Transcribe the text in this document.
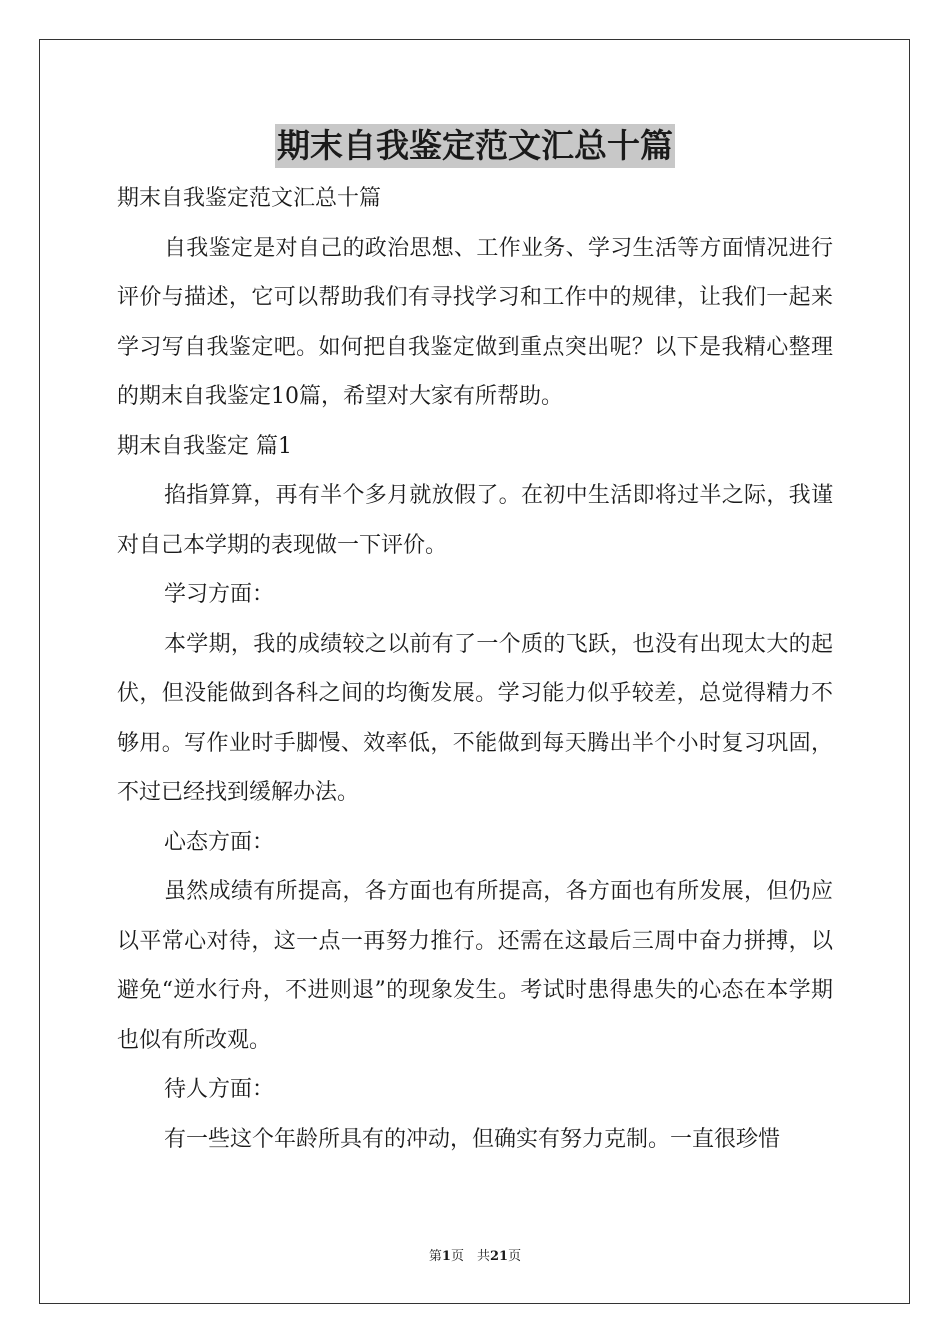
期末自我鉴定范文汇总十篇

期末自我鉴定范文汇总十篇

自我鉴定是对自己的政治思想、工作业务、学习生活等方面情况进行评价与描述，它可以帮助我们有寻找学习和工作中的规律，让我们一起来学习写自我鉴定吧。如何把自我鉴定做到重点突出呢？以下是我精心整理的期末自我鉴定10篇，希望对大家有所帮助。

期末自我鉴定 篇1

掐指算算，再有半个多月就放假了。在初中生活即将过半之际，我谨对自己本学期的表现做一下评价。

学习方面：

本学期，我的成绩较之以前有了一个质的飞跃，也没有出现太大的起伏，但没能做到各科之间的均衡发展。学习能力似乎较差，总觉得精力不够用。写作业时手脚慢、效率低，不能做到每天腾出半个小时复习巩固，不过已经找到缓解办法。

心态方面：

虽然成绩有所提高，各方面也有所提高，各方面也有所发展，但仍应以平常心对待，这一点一再努力推行。还需在这最后三周中奋力拼搏，以避免“逆水行舟，不进则退”的现象发生。考试时患得患失的心态在本学期也似有所改观。

待人方面：

有一些这个年龄所具有的冲动，但确实有努力克制。一直很珍惜

第1页　共21页
